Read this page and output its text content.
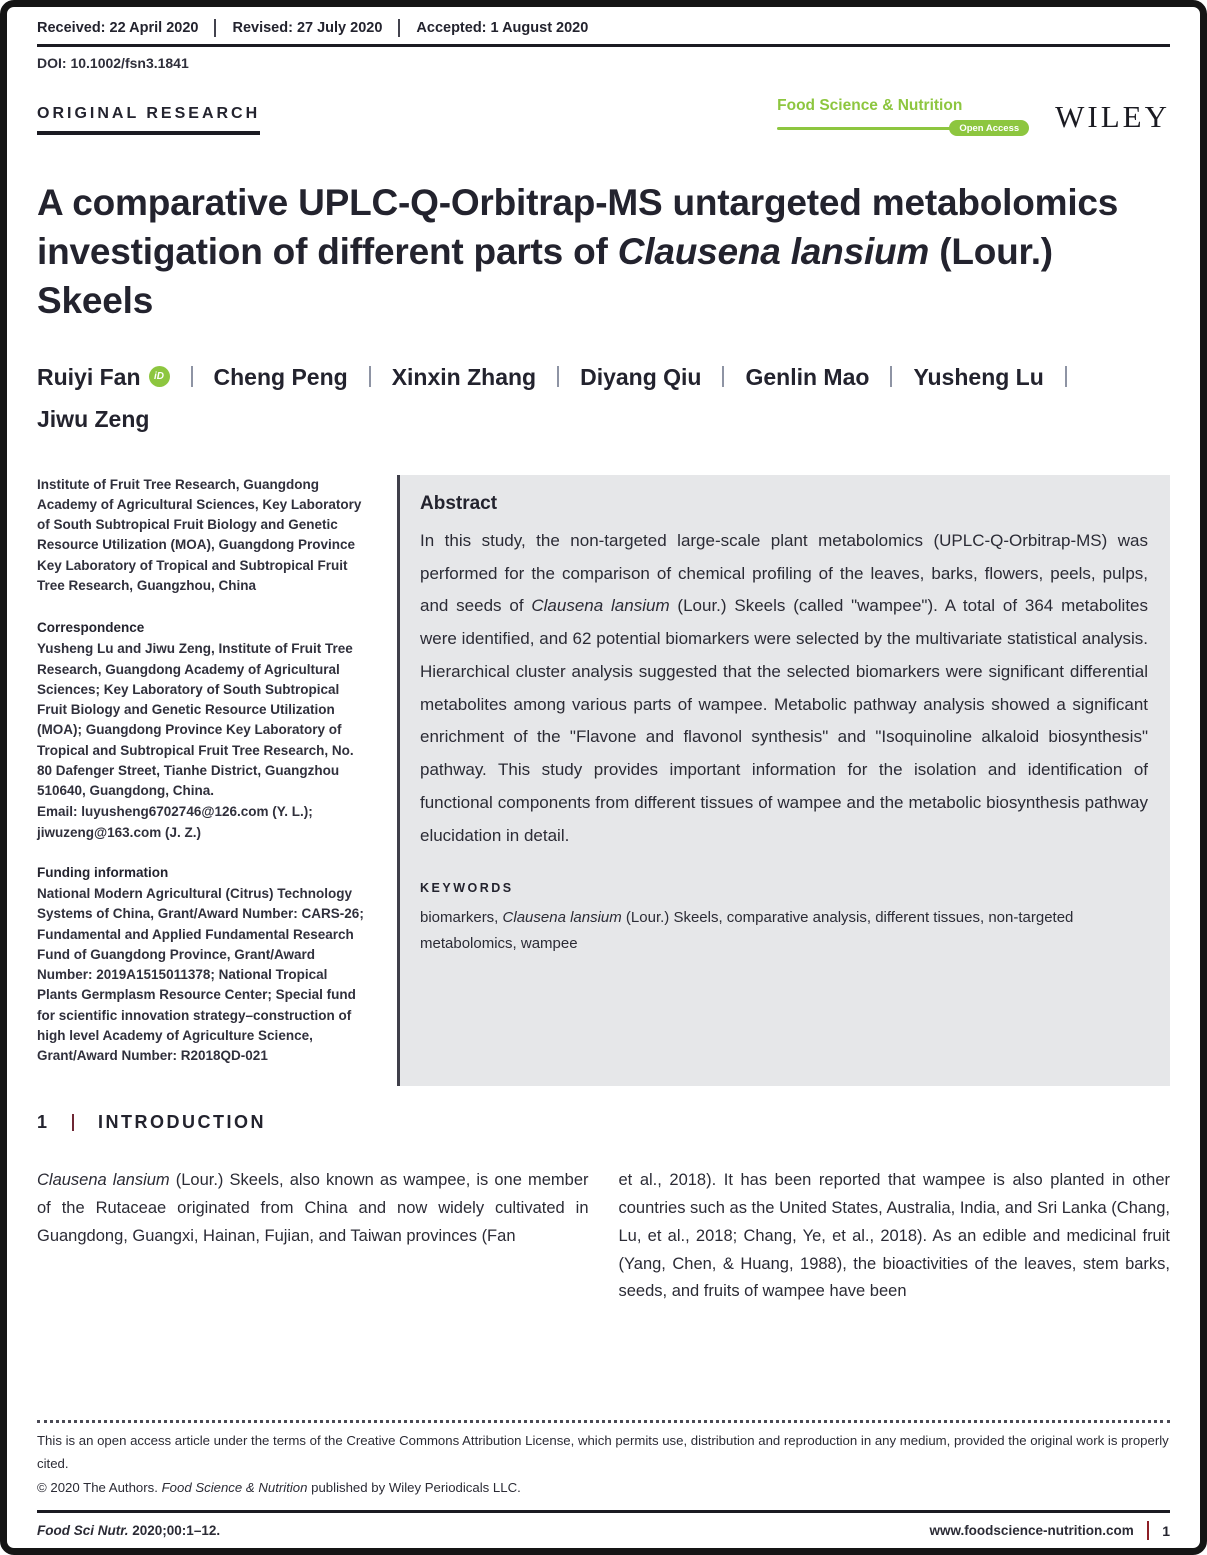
Received: 22 April 2020 Revised: 27 July 2020 Accepted: 1 August 2020
DOI: 10.1002/fsn3.1841
ORIGINAL RESEARCH	Food Science & Nutrition
Open Access	WILEY
A comparative UPLC-Q-Orbitrap-MS untargeted metabolomics investigation of different parts of Clausena lansium (Lour.) Skeels
Ruiyi Fan	iD Cheng Peng Xinxin Zhang Diyang Qiu Genlin Mao Yusheng Lu
Jiwu Zeng

Institute of Fruit Tree Research, Guangdong Academy of Agricultural Sciences, Key Laboratory of South Subtropical Fruit Biology and Genetic Resource Utilization (MOA), Guangdong Province Key Laboratory of Tropical and Subtropical Fruit Tree Research, Guangzhou, China

Correspondence
Yusheng Lu and Jiwu Zeng, Institute of Fruit Tree Research, Guangdong Academy of Agricultural Sciences; Key Laboratory of South Subtropical Fruit Biology and Genetic Resource Utilization (MOA); Guangdong Province Key Laboratory of Tropical and Subtropical Fruit Tree Research, No. 80 Dafenger Street, Tianhe District, Guangzhou 510640, Guangdong, China.
Email: luyusheng6702746@126.com (Y. L.); jiwuzeng@163.com (J. Z.)
Funding information
National Modern Agricultural (Citrus) Technology Systems of China, Grant/Award Number: CARS-26; Fundamental and Applied Fundamental Research Fund of Guangdong Province, Grant/Award Number: 2019A1515011378; National Tropical Plants Germplasm Resource Center; Special fund for scientific innovation strategy–construction of high level Academy of Agriculture Science, Grant/Award Number: R2018QD-021
Abstract

In this study, the non-targeted large-scale plant metabolomics (UPLC-Q-Orbitrap-MS) was performed for the comparison of chemical profiling of the leaves, barks, flowers, peels, pulps, and seeds of Clausena lansium (Lour.) Skeels (called "wampee"). A total of 364 metabolites were identified, and 62 potential biomarkers were selected by the multivariate statistical analysis. Hierarchical cluster analysis suggested that the selected biomarkers were significant differential metabolites among various parts of wampee. Metabolic pathway analysis showed a significant enrichment of the "Flavone and flavonol synthesis" and "Isoquinoline alkaloid biosynthesis" pathway. This study provides important information for the isolation and identification of functional components from different tissues of wampee and the metabolic biosynthesis pathway elucidation in detail.

KEYWORDS

biomarkers, Clausena lansium (Lour.) Skeels, comparative analysis, different tissues, non-targeted metabolomics, wampee

1	INTRODUCTION

Clausena lansium (Lour.) Skeels, also known as wampee, is one member of the Rutaceae originated from China and now widely cultivated in Guangdong, Guangxi, Hainan, Fujian, and Taiwan provinces (Fan

et al., 2018). It has been reported that wampee is also planted in other countries such as the United States, Australia, India, and Sri Lanka (Chang, Lu, et al., 2018; Chang, Ye, et al., 2018). As an edible and medicinal fruit (Yang, Chen, & Huang, 1988), the bioactivities of the leaves, stem barks, seeds, and fruits of wampee have been

This is an open access article under the terms of the Creative Commons Attribution License, which permits use, distribution and reproduction in any medium, provided the original work is properly cited.

© 2020 The Authors. Food Science & Nutrition published by Wiley Periodicals LLC.

Food Sci Nutr. 2020;00:1–12.	www.foodscience-nutrition.com 1
